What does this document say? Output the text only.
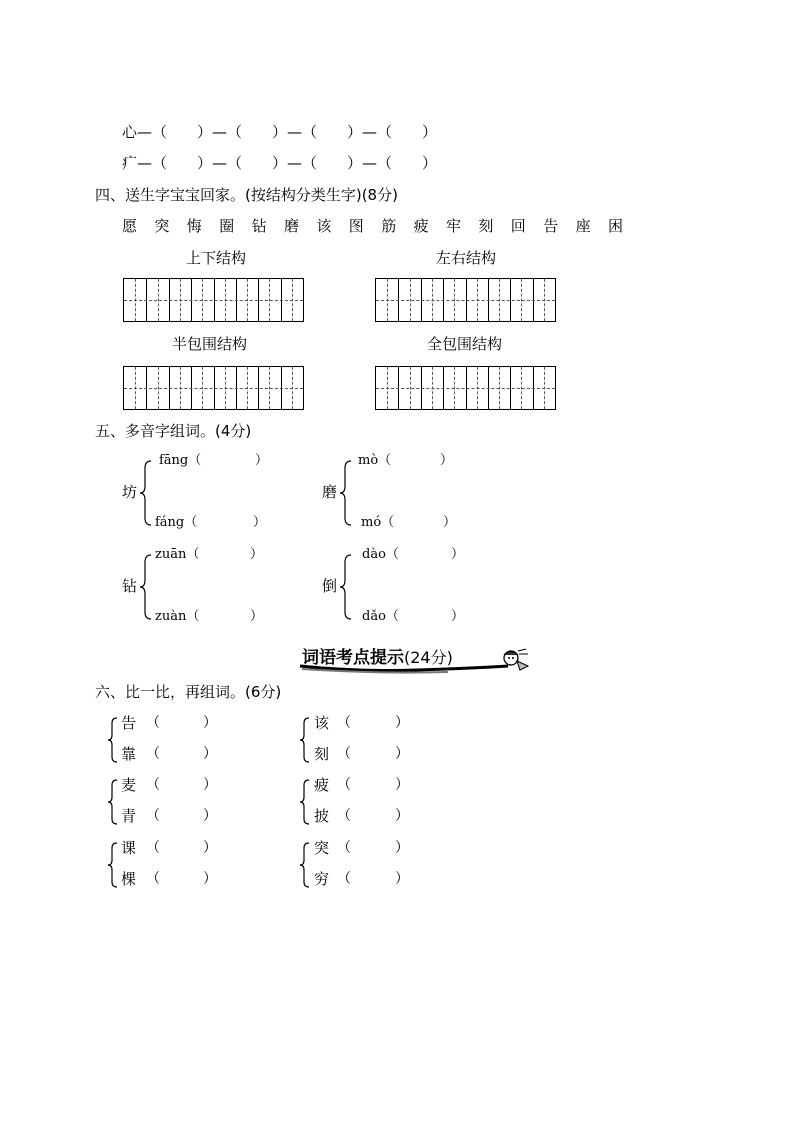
心—（　　）—（　　）—（　　）—（　　）
疒—（　　）—（　　）—（　　）—（　　）
四、送生字宝宝回家。(按结构分类生字)(8分)
愿 突 悔 圈 钻 磨 该 图 筋 疲 牢 刻 回 告 座 困
上下结构	左右结构
半包围结构	全包围结构
五、多音字组词。(4分)
坊
fāng（	）
fáng（	）
磨
mò（	）
mó（	）
钻
zuān（	）
zuàn（	）
倒
dào（	）
dǎo（	）
词语考点提示(24分)
六、比一比，再组词。(6分)
告 （	）
靠 （	）
该 （	）
刻 （	）
麦 （	）
青 （	）
疲 （	）
披 （	）
课 （	）
棵 （	）
突 （	）
穷 （	）
